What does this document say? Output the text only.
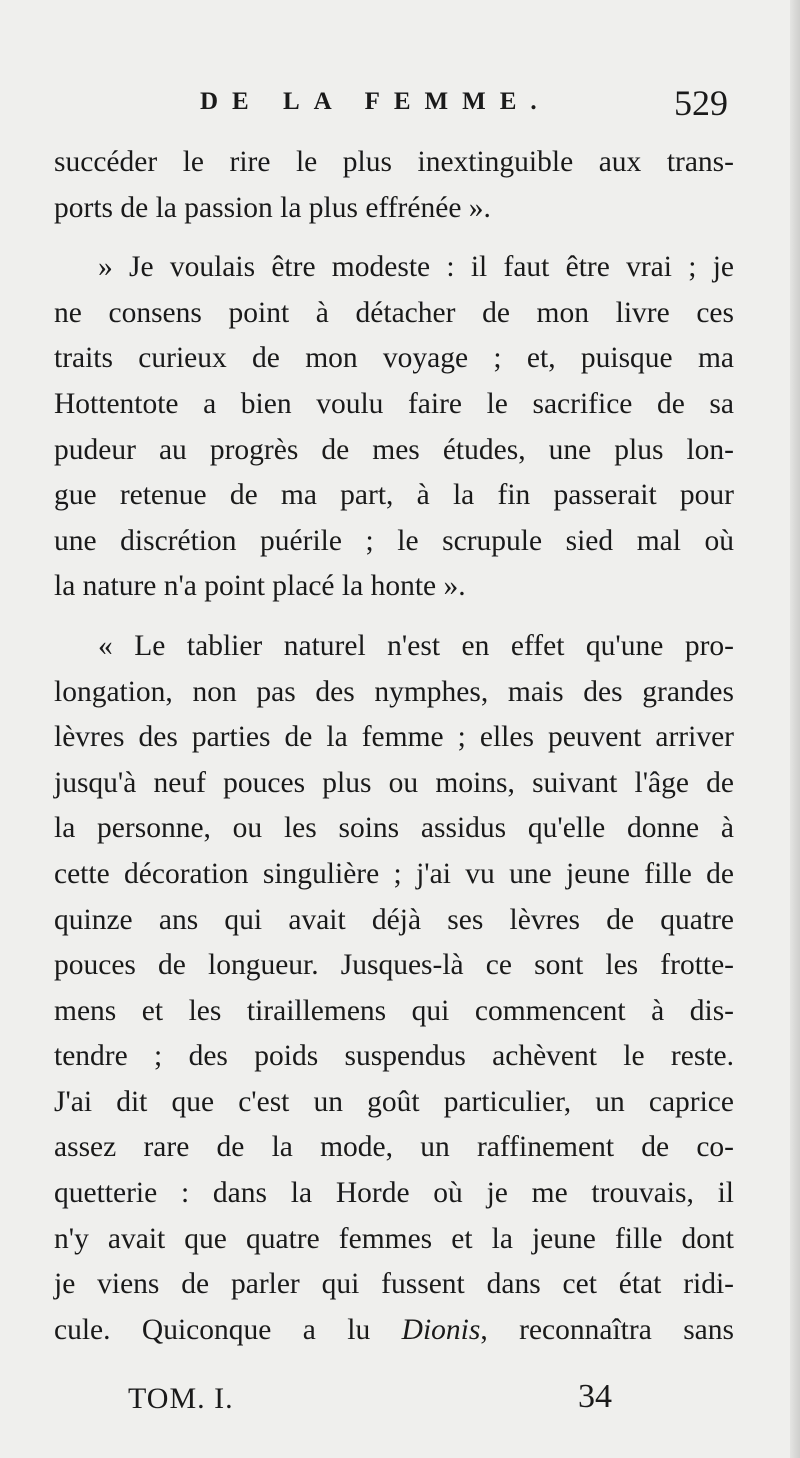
DE LA FEMME.	529
succéder le rire le plus inextinguible aux trans-
ports de la passion la plus effrénée ».
» Je voulais être modeste : il faut être vrai ; je
ne consens point à détacher de mon livre ces
traits curieux de mon voyage ; et, puisque ma
Hottentote a bien voulu faire le sacrifice de sa
pudeur au progrès de mes études, une plus lon-
gue retenue de ma part, à la fin passerait pour
une discrétion puérile ; le scrupule sied mal où
la nature n'a point placé la honte ».
« Le tablier naturel n'est en effet qu'une pro-
longation, non pas des nymphes, mais des grandes
lèvres des parties de la femme ; elles peuvent arriver
jusqu'à neuf pouces plus ou moins, suivant l'âge de
la personne, ou les soins assidus qu'elle donne à
cette décoration singulière ; j'ai vu une jeune fille de
quinze ans qui avait déjà ses lèvres de quatre
pouces de longueur. Jusques-là ce sont les frotte-
mens et les tiraillemens qui commencent à dis-
tendre ; des poids suspendus achèvent le reste.
J'ai dit que c'est un goût particulier, un caprice
assez rare de la mode, un raffinement de co-
quetterie : dans la Horde où je me trouvais, il
n'y avait que quatre femmes et la jeune fille dont
je viens de parler qui fussent dans cet état ridi-
cule. Quiconque a lu Dionis, reconnaîtra sans
TOM. I.	34
